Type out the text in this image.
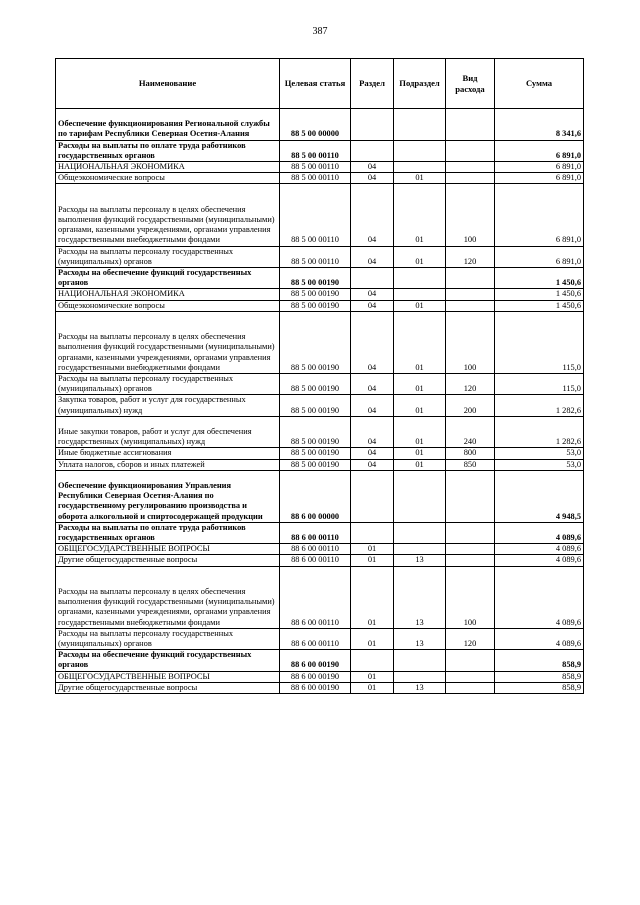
387
Наименование	Целевая статья	Раздел	Подраздел	Вид расхода	Сумма
Обеспечение функционирования Региональной службы по тарифам Республики Северная Осетия-Алания	88 5 00 00000				8 341,6
Расходы на выплаты по оплате труда работников государственных органов	88 5 00 00110				6 891,0
НАЦИОНАЛЬНАЯ ЭКОНОМИКА	88 5 00 00110	04			6 891,0
Общеэкономические вопросы	88 5 00 00110	04	01		6 891,0
Расходы на выплаты персоналу в целях обеспечения выполнения функций государственными (муниципальными) органами, казенными учреждениями, органами управления государственными внебюджетными фондами	88 5 00 00110	04	01	100	6 891,0
Расходы на выплаты персоналу государственных (муниципальных) органов	88 5 00 00110	04	01	120	6 891,0
Расходы на обеспечение функций государственных органов	88 5 00 00190				1 450,6
НАЦИОНАЛЬНАЯ ЭКОНОМИКА	88 5 00 00190	04			1 450,6
Общеэкономические вопросы	88 5 00 00190	04	01		1 450,6
Расходы на выплаты персоналу в целях обеспечения выполнения функций государственными (муниципальными) органами, казенными учреждениями, органами управления государственными внебюджетными фондами	88 5 00 00190	04	01	100	115,0
Расходы на выплаты персоналу государственных (муниципальных) органов	88 5 00 00190	04	01	120	115,0
Закупка товаров, работ и услуг для государственных (муниципальных) нужд	88 5 00 00190	04	01	200	1 282,6
Иные закупки товаров, работ и услуг для обеспечения государственных (муниципальных) нужд	88 5 00 00190	04	01	240	1 282,6
Иные бюджетные ассигнования	88 5 00 00190	04	01	800	53,0
Уплата налогов, сборов и иных платежей	88 5 00 00190	04	01	850	53,0
Обеспечение функционирования Управления Республики Северная Осетия-Алания по государственному регулированию производства и оборота алкогольной и спиртосодержащей продукции	88 6 00 00000				4 948,5
Расходы на выплаты по оплате труда работников государственных органов	88 6 00 00110				4 089,6
ОБЩЕГОСУДАРСТВЕННЫЕ ВОПРОСЫ	88 6 00 00110	01			4 089,6
Другие общегосударственные вопросы	88 6 00 00110	01	13		4 089,6
Расходы на выплаты персоналу в целях обеспечения выполнения функций государственными (муниципальными) органами, казенными учреждениями, органами управления государственными внебюджетными фондами	88 6 00 00110	01	13	100	4 089,6
Расходы на выплаты персоналу государственных (муниципальных) органов	88 6 00 00110	01	13	120	4 089,6
Расходы на обеспечение функций государственных органов	88 6 00 00190				858,9
ОБЩЕГОСУДАРСТВЕННЫЕ ВОПРОСЫ	88 6 00 00190	01			858,9
Другие общегосударственные вопросы	88 6 00 00190	01	13		858,9
